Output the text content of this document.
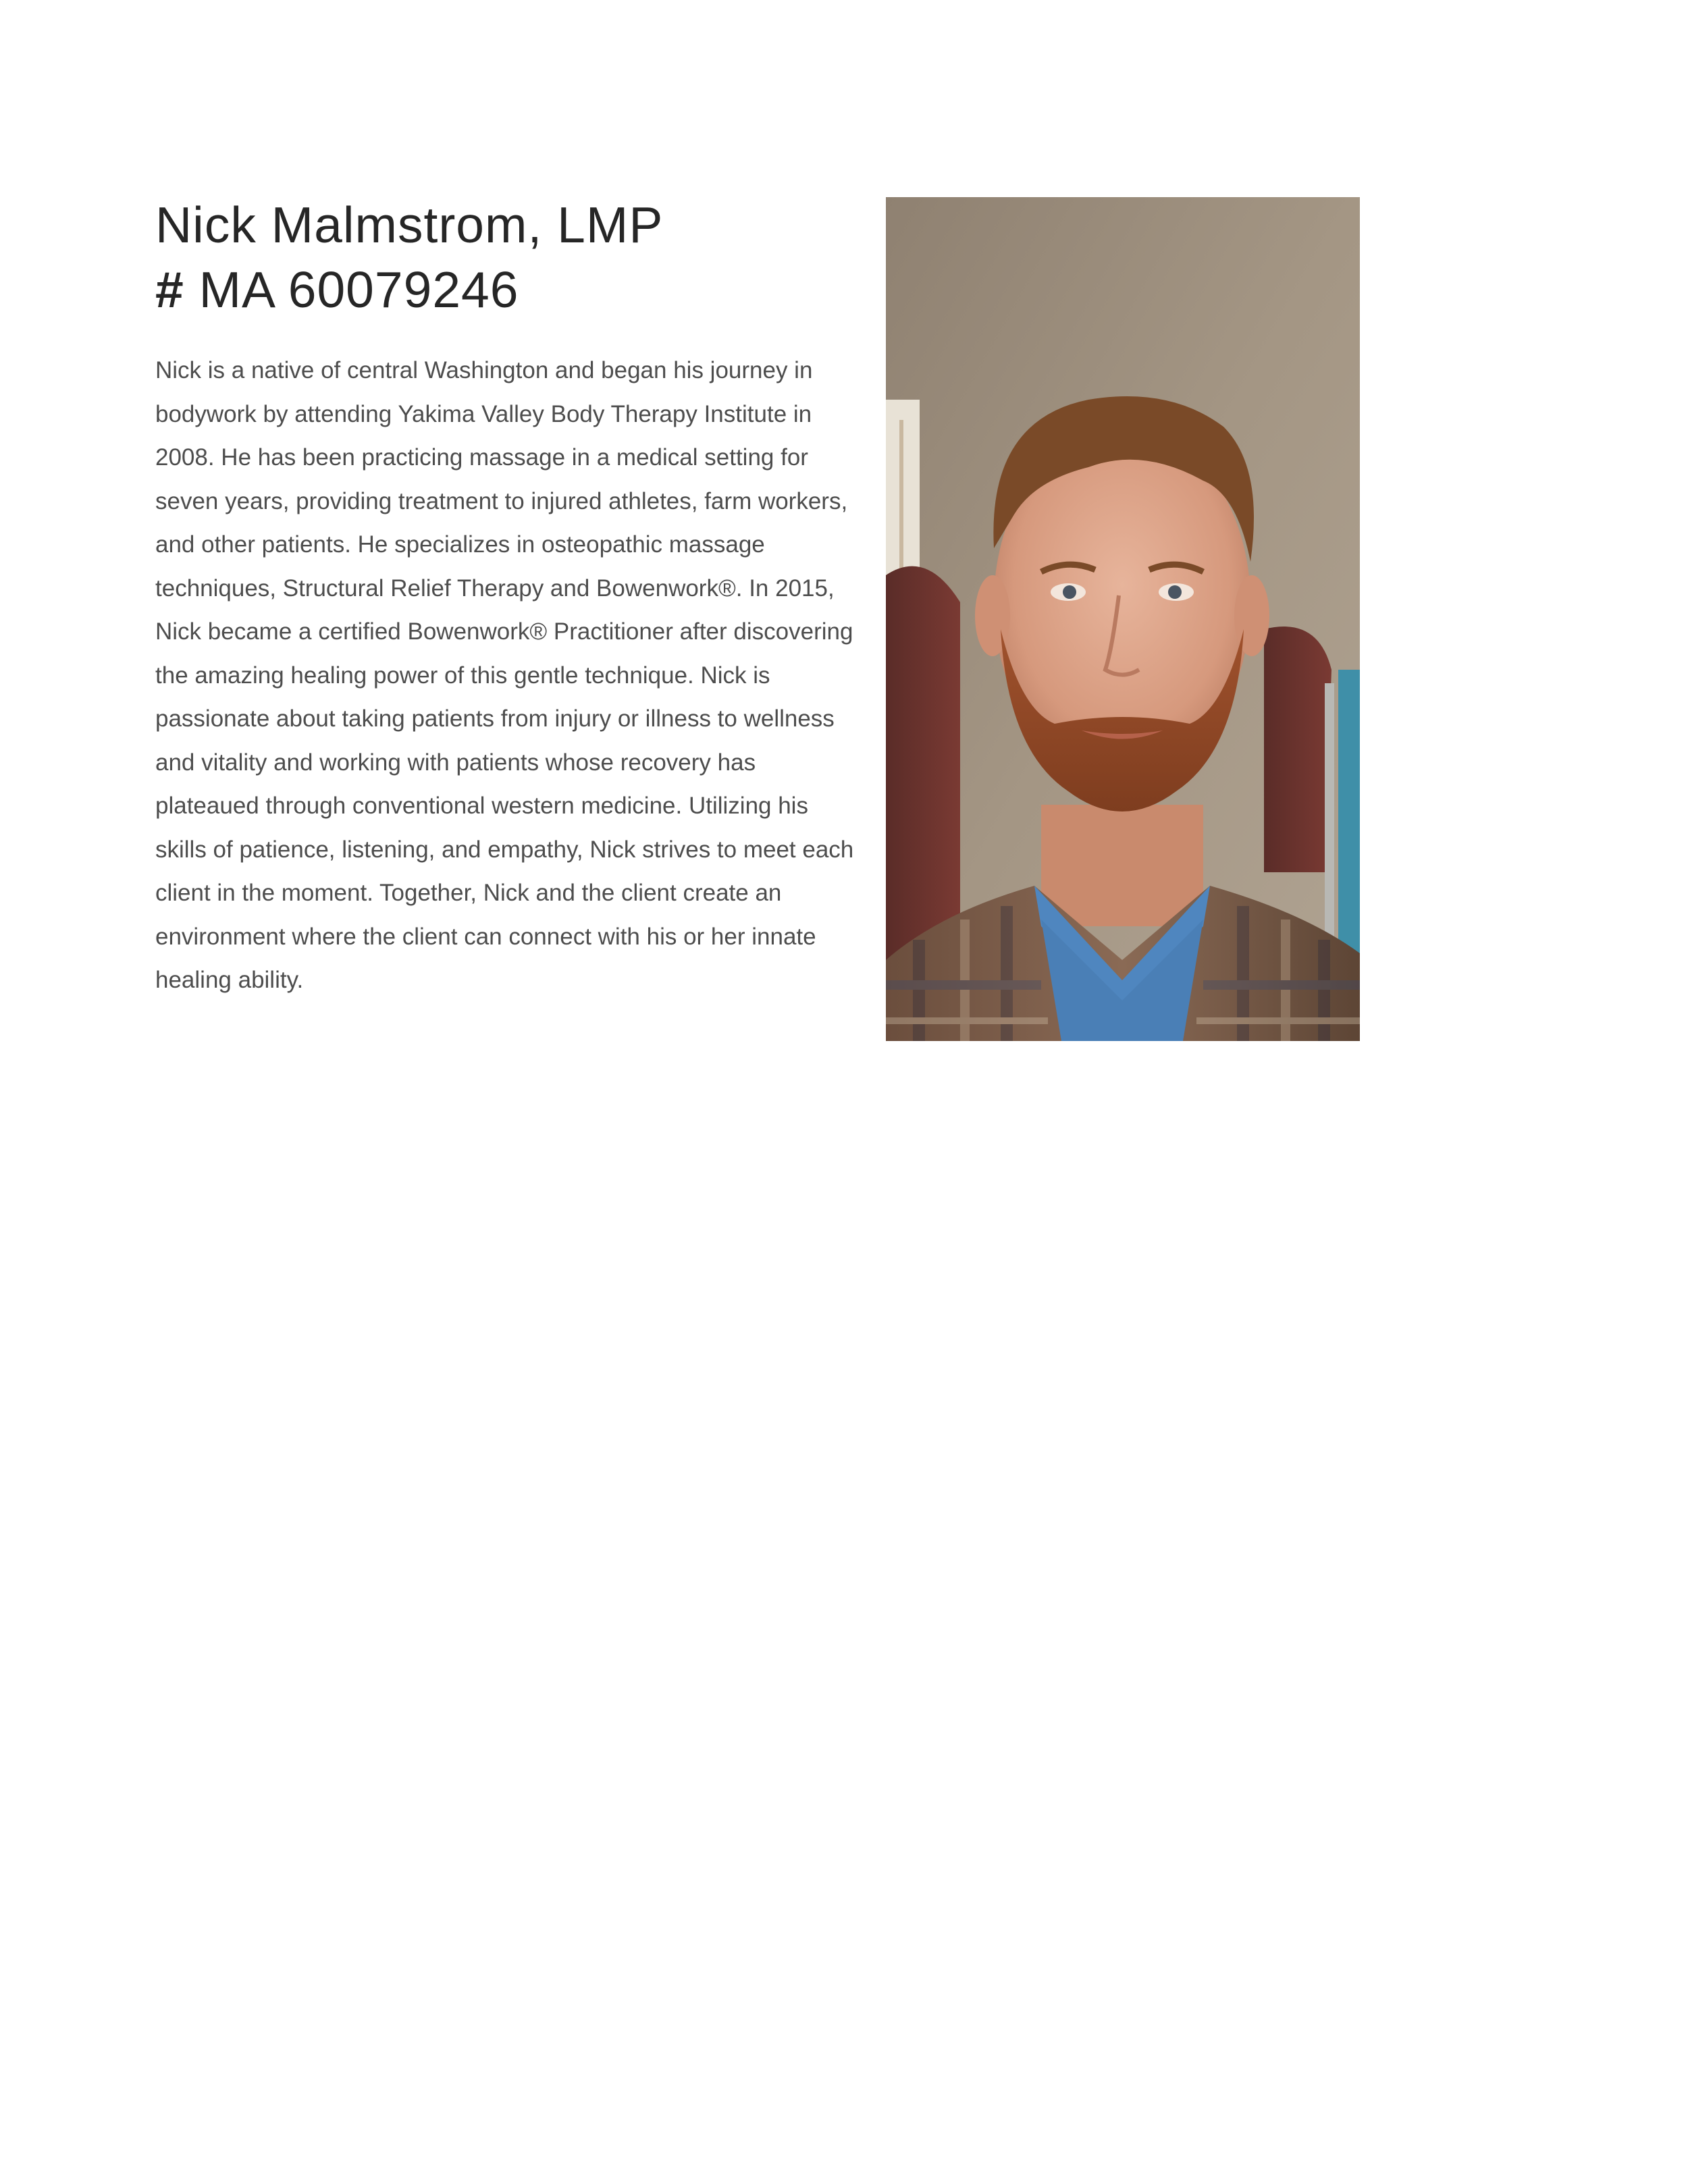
Nick Malmstrom, LMP
# MA 60079246

Nick is a native of central Washington and began his journey in bodywork by attending Yakima Valley Body Therapy Institute in 2008. He has been practicing massage in a medical setting for seven years, providing treatment to injured athletes, farm workers, and other patients. He specializes in osteopathic massage techniques, Structural Relief Therapy and Bowenwork®. In 2015, Nick became a certified Bowenwork® Practitioner after discovering the amazing healing power of this gentle technique. Nick is passionate about taking patients from injury or illness to wellness and vitality and working with patients whose recovery has plateaued through conventional western medicine. Utilizing his skills of patience, listening, and empathy, Nick strives to meet each client in the moment. Together, Nick and the client create an environment where the client can connect with his or her innate healing ability.
